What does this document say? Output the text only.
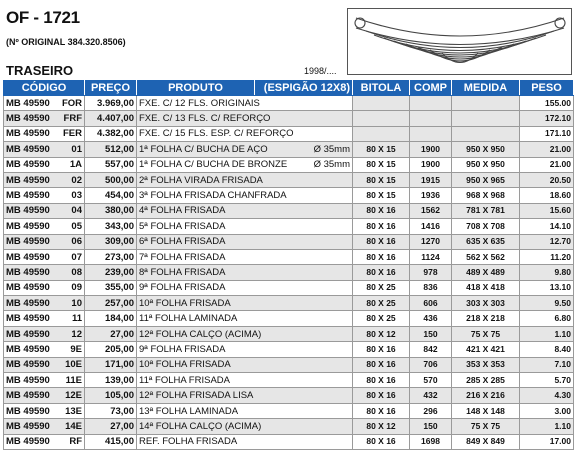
OF - 1721
(Nº ORIGINAL 384.320.8506)
TRASEIRO	1998/....
CÓDIGO	PREÇO	PRODUTO	(ESPIGÃO 12X8)	BITOLA	COMP	MEDIDA	PESO
MB 49590 FOR	3.969,00	FXE. C/ 12 FLS. ORIGINAIS					155.00
MB 49590 FRF	4.407,00	FXE. C/ 13 FLS. C/ REFORÇO					172.10
MB 49590 FER	4.382,00	FXE. C/ 15 FLS. ESP. C/ REFORÇO					171.10
MB 49590 01	512,00	1ª FOLHA C/ BUCHA DE AÇO Ø 35mm		80 X 15	1900	950 X 950	21.00
MB 49590 1A	557,00	1ª FOLHA C/ BUCHA DE BRONZE Ø 35mm		80 X 15	1900	950 X 950	21.00
MB 49590 02	500,00	2ª FOLHA VIRADA FRISADA		80 X 15	1915	950 X 965	20.50
MB 49590 03	454,00	3ª FOLHA FRISADA CHANFRADA		80 X 15	1936	968 X 968	18.60
MB 49590 04	380,00	4ª FOLHA FRISADA		80 X 16	1562	781 X 781	15.60
MB 49590 05	343,00	5ª FOLHA FRISADA		80 X 16	1416	708 X 708	14.10
MB 49590 06	309,00	6ª FOLHA FRISADA		80 X 16	1270	635 X 635	12.70
MB 49590 07	273,00	7ª FOLHA FRISADA		80 X 16	1124	562 X 562	11.20
MB 49590 08	239,00	8ª FOLHA FRISADA		80 X 16	978	489 X 489	9.80
MB 49590 09	355,00	9ª FOLHA FRISADA		80 X 25	836	418 X 418	13.10
MB 49590 10	257,00	10ª FOLHA FRISADA		80 X 25	606	303 X 303	9.50
MB 49590 11	184,00	11ª FOLHA LAMINADA		80 X 25	436	218 X 218	6.80
MB 49590 12	27,00	12ª FOLHA CALÇO (ACIMA)		80 X 12	150	75 X 75	1.10
MB 49590 9E	205,00	9ª FOLHA FRISADA		80 X 16	842	421 X 421	8.40
MB 49590 10E	171,00	10ª FOLHA FRISADA		80 X 16	706	353 X 353	7.10
MB 49590 11E	139,00	11ª FOLHA FRISADA		80 X 16	570	285 X 285	5.70
MB 49590 12E	105,00	12ª FOLHA FRISADA LISA		80 X 16	432	216 X 216	4.30
MB 49590 13E	73,00	13ª FOLHA LAMINADA		80 X 16	296	148 X 148	3.00
MB 49590 14E	27,00	14ª FOLHA CALÇO (ACIMA)		80 X 12	150	75 X 75	1.10
MB 49590 RF	415,00	REF. FOLHA FRISADA		80 X 16	1698	849 X 849	17.00
